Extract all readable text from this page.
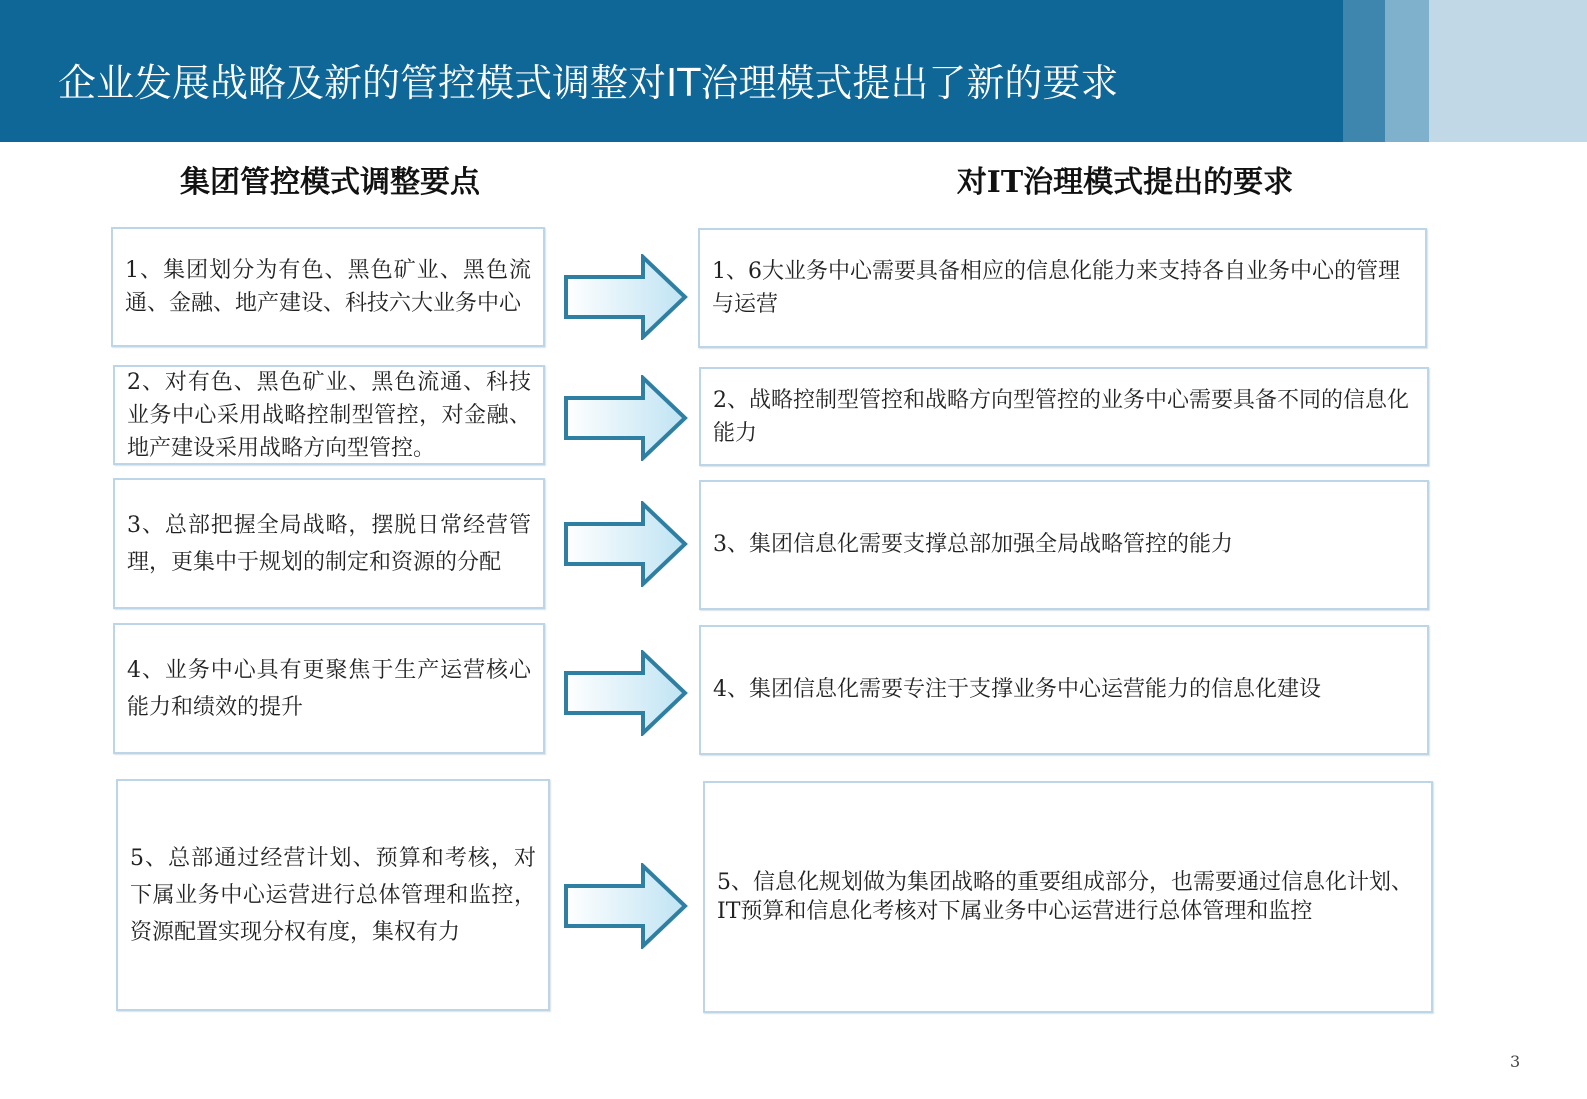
企业发展战略及新的管控模式调整对IT治理模式提出了新的要求
集团管控模式调整要点	对IT治理模式提出的要求
1、集团划分为有色、黑色矿业、黑色流通、金融、地产建设、科技六大业务中心
1、6大业务中心需要具备相应的信息化能力来支持各自业务中心的管理与运营
2、对有色、黑色矿业、黑色流通、科技业务中心采用战略控制型管控，对金融、地产建设采用战略方向型管控。
2、战略控制型管控和战略方向型管控的业务中心需要具备不同的信息化能力
3、总部把握全局战略，摆脱日常经营管理，更集中于规划的制定和资源的分配
3、集团信息化需要支撑总部加强全局战略管控的能力
4、业务中心具有更聚焦于生产运营核心能力和绩效的提升
4、集团信息化需要专注于支撑业务中心运营能力的信息化建设
5、总部通过经营计划、预算和考核，对下属业务中心运营进行总体管理和监控，资源配置实现分权有度，集权有力
5、信息化规划做为集团战略的重要组成部分，也需要通过信息化计划、IT预算和信息化考核对下属业务中心运营进行总体管理和监控
3
